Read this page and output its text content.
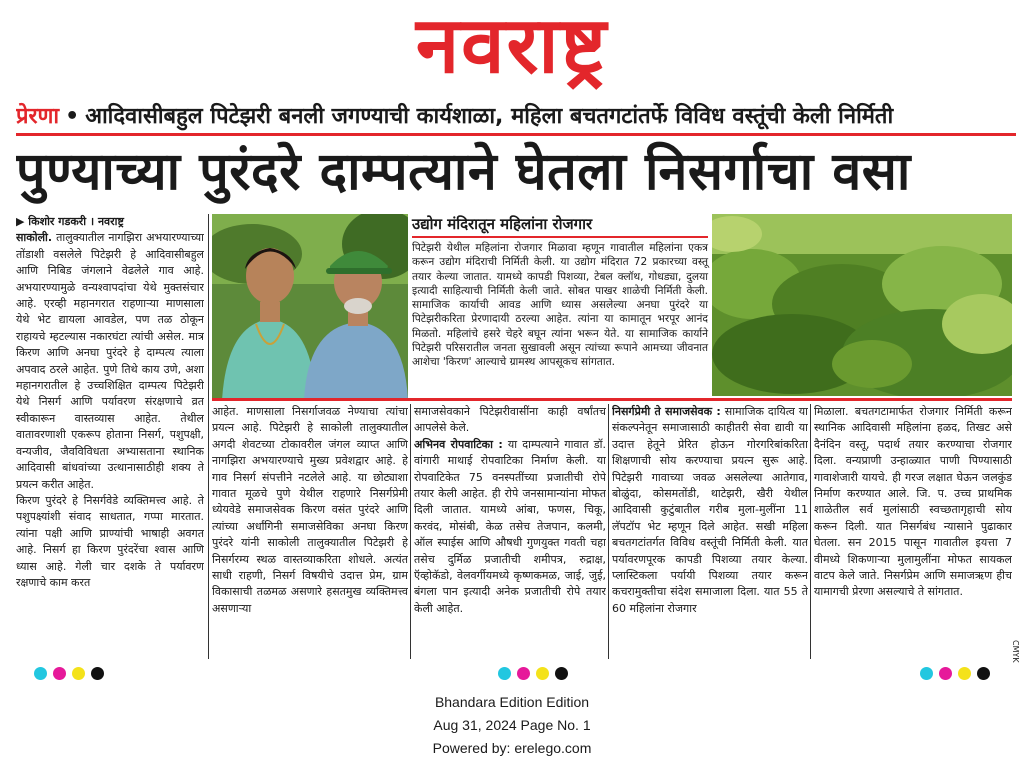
नवराष्ट्र
प्रेरणा • आदिवासीबहुल पिटेझरी बनली जगण्याची कार्यशाळा, महिला बचतगटांतर्फे विविध वस्तूंची केली निर्मिती
पुण्याच्या पुरंदरे दाम्पत्याने घेतला निसर्गाचा वसा
▶ किशोर गडकरी । नवराष्ट्र
साकोली. तालुक्यातील नागझिरा अभयारण्याच्या तोंडाशी वसलेले पिटेझरी हे आदिवासीबहुल आणि निबिड जंगलाने वेढलेले गाव आहे. अभयारण्यामुळे वन्यश्वापदांचा येथे मुक्तसंचार आहे. एरव्ही महानगरात राहणाऱ्या माणसाला येथे भेट द्यायला आवडेल, पण तळ ठोकून राहायचे म्हटल्यास नकारघंटा त्यांची असेल. मात्र किरण आणि अनघा पुरंदरे हे दाम्पत्य त्याला अपवाद ठरले आहेत. पुणे तिथे काय उणे, अशा महानगरातील हे उच्चशिक्षित दाम्पत्य पिटेझरी येथे निसर्ग आणि पर्यावरण संरक्षणाचे व्रत स्वीकारून वास्तव्यास आहेत. तेथील वातावरणाशी एकरूप होताना निसर्ग, पशुपक्षी, वन्यजीव, जैवविविधता अभ्यासताना स्थानिक आदिवासी बांधवांच्या उत्थानासाठीही शक्य ते प्रयत्न करीत आहेत.
किरण पुरंदरे हे निसर्गवेडे व्यक्तिमत्त्व आहे. ते पशुपक्ष्यांशी संवाद साधतात, गप्पा मारतात. त्यांना पक्षी आणि प्राण्यांची भाषाही अवगत आहे. निसर्ग हा किरण पुरंदरेंचा श्वास आणि ध्यास आहे. गेली चार दशके ते पर्यावरण रक्षणाचे काम करत
उद्योग मंदिरातून महिलांना रोजगार
पिटेझरी येथील महिलांना रोजगार मिळावा म्हणून गावातील महिलांना एकत्र करून उद्योग मंदिराची निर्मिती केली. या उद्योग मंदिरात 72 प्रकारच्या वस्तू तयार केल्या जातात. यामध्ये कापडी पिशव्या, टेबल क्लॉथ, गोधड्या, दुलया इत्यादी साहित्याची निर्मिती केली जाते. सोबत पाखर शाळेची निर्मिती केली. सामाजिक कार्याची आवड आणि ध्यास असलेल्या अनघा पुरंदरे या पिटेझरीकरिता प्रेरणादायी ठरल्या आहेत. त्यांना या कामातून भरपूर आनंद मिळतो. महिलांचे हसरे चेहरे बघून त्यांना भरून येते. या सामाजिक कार्याने पिटेझरी परिसरातील जनता सुखावली असून त्यांच्या रूपाने आमच्या जीवनात आशेचा 'किरण' आल्याचे ग्रामस्थ आपसूकच सांगतात.
आहेत. माणसाला निसर्गाजवळ नेण्याचा त्यांचा प्रयत्न आहे. पिटेझरी हे साकोली तालुक्यातील अगदी शेवटच्या टोकावरील जंगल व्याप्त आणि नागझिरा अभयारण्याचे मुख्य प्रवेशद्वार आहे. हे गाव निसर्ग संपत्तीने नटलेले आहे. या छोट्याशा गावात मूळचे पुणे येथील राहणारे निसर्गप्रेमी ध्येयवेडे समाजसेवक किरण वसंत पुरंदरे आणि त्यांच्या अर्धांगिनी समाजसेविका अनघा किरण पुरंदरे यांनी साकोली तालुक्यातील पिटेझरी हे निसर्गरम्य स्थळ वास्तव्याकरिता शोधले. अत्यंत साधी राहणी, निसर्ग विषयीचे उदात्त प्रेम, ग्राम विकासाची तळमळ असणारे हसतमुख व्यक्तिमत्त्व असणाऱ्या
समाजसेवकाने पिटेझरीवासींना काही वर्षांतच आपलेसे केले.
अभिनव रोपवाटिका : या दाम्पत्याने गावात डॉ. वांगारी माथाई रोपवाटिका निर्माण केली. या रोपवाटिकेत 75 वनस्पतींच्या प्रजातीची रोपे तयार केली आहेत. ही रोपे जनसामान्यांना मोफत दिली जातात. यामध्ये आंबा, फणस, चिकू, करवंद, मोसंबी, केळ तसेच तेजपान, कलमी, ऑल स्पाईस आणि औषधी गुणयुक्त गवती चहा तसेच दुर्मिळ प्रजातीची शमीपत्र, रुद्राक्ष, ऍव्होकॅडो, वेलवर्गीयमध्ये कृष्णकमळ, जाई, जुई, बंगला पान इत्यादी अनेक प्रजातीची रोपे तयार केली आहेत.
निसर्गप्रेमी ते समाजसेवक : सामाजिक दायित्व या संकल्पनेतून समाजासाठी काहीतरी सेवा द्यावी या उदात्त हेतूने प्रेरित होऊन गोरगरिबांकरिता शिक्षणाची सोय करण्याचा प्रयत्न सुरू आहे. पिटेझरी गावाच्या जवळ असलेल्या आतेगाव, बोळुंदा, कोसमतोंडी, थाटेझरी, खैरी येथील आदिवासी कुटुंबातील गरीब मुला-मुलींना 11 लॅपटॉप भेट म्हणून दिले आहेत. सखी महिला बचतगटांतर्गत विविध वस्तूंची निर्मिती केली. यात पर्यावरणपूरक कापडी पिशव्या तयार केल्या. प्लास्टिकला पर्यायी पिशव्या तयार करून कचरामुक्तीचा संदेश समाजाला दिला. यात 55 ते 60 महिलांना रोजगार
मिळाला. बचतगटामार्फत रोजगार निर्मिती करून स्थानिक आदिवासी महिलांना हळद, तिखट असे दैनंदिन वस्तू, पदार्थ तयार करण्याचा रोजगार दिला. वन्यप्राणी उन्हाळ्यात पाणी पिण्यासाठी गावाशेजारी यायचे. ही गरज लक्षात घेऊन जलकुंड निर्माण करण्यात आले. जि. प. उच्च प्राथमिक शाळेतील सर्व मुलांसाठी स्वच्छतागृहाची सोय करून दिली. यात निसर्गबंध न्यासाने पुढाकार घेतला. सन 2015 पासून गावातील इयत्ता 7 वीमध्ये शिकणाऱ्या मुलामुलींना मोफत सायकल वाटप केले जाते. निसर्गप्रेम आणि समाजऋण हीच यामागची प्रेरणा असल्याचे ते सांगतात.
CMYK
Bhandara Edition Edition
Aug 31, 2024 Page No. 1
Powered by: erelego.com
